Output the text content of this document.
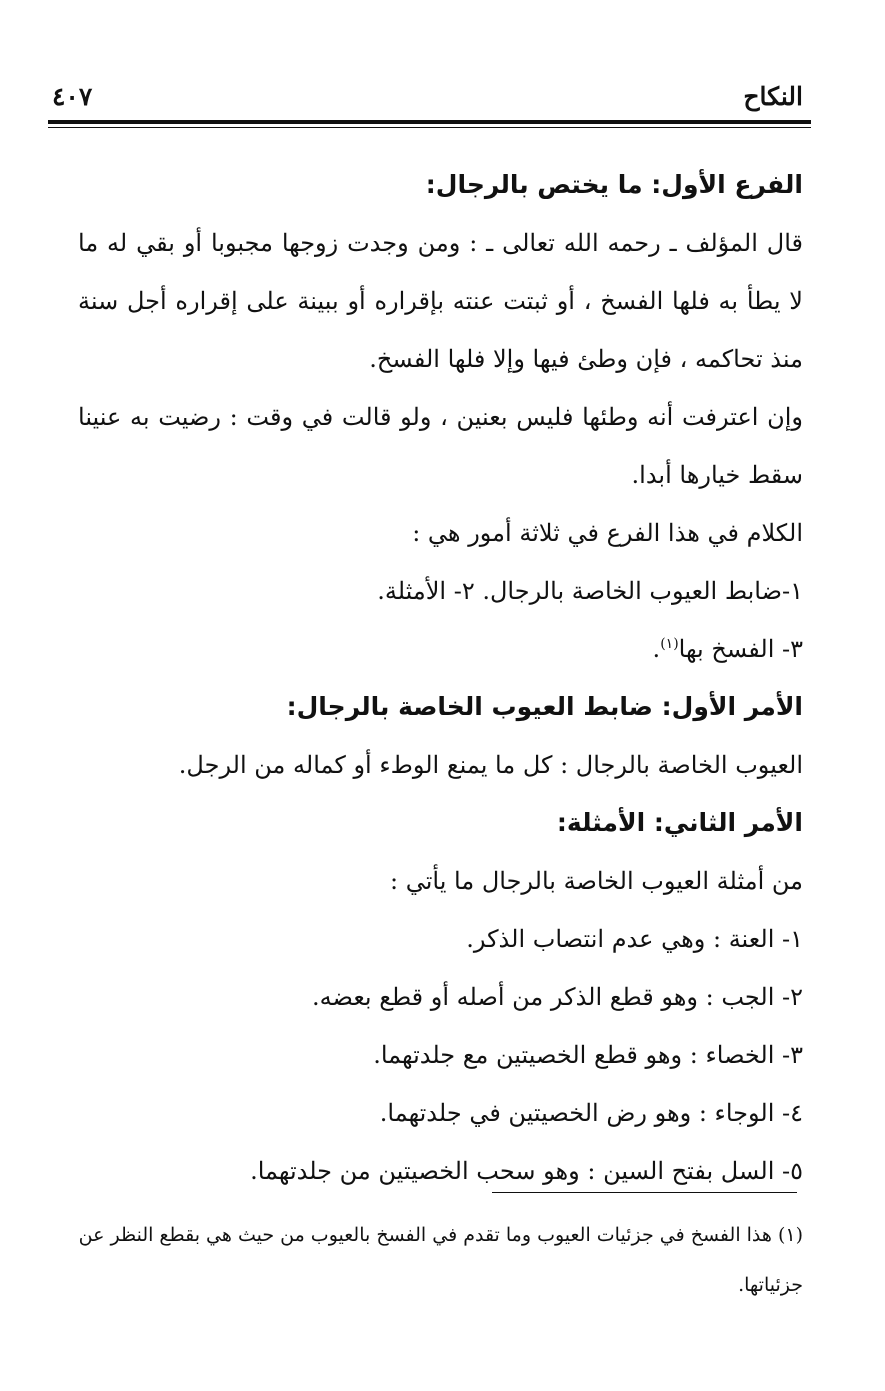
النكاح

٤٠٧

الفرع الأول: ما يختص بالرجال:

قال المؤلف ـ رحمه الله تعالى ـ : ومن وجدت زوجها مجبوبا أو بقي له ما لا يطأ به فلها الفسخ ، أو ثبتت عنته بإقراره أو ببينة على إقراره أجل سنة منذ تحاكمه ، فإن وطئ فيها وإلا فلها الفسخ.

وإن اعترفت أنه وطئها فليس بعنين ، ولو قالت في وقت : رضيت به عنينا سقط خيارها أبدا.

الكلام في هذا الفرع في ثلاثة أمور هي :

١-ضابط العيوب الخاصة بالرجال. ٢- الأمثلة.

٣- الفسخ بها$^{(١)}$.

الأمر الأول: ضابط العيوب الخاصة بالرجال:

العيوب الخاصة بالرجال : كل ما يمنع الوطء أو كماله من الرجل.

الأمر الثاني: الأمثلة:

من أمثلة العيوب الخاصة بالرجال ما يأتي :

١- العنة : وهي عدم انتصاب الذكر.

٢- الجب : وهو قطع الذكر من أصله أو قطع بعضه.

٣- الخصاء : وهو قطع الخصيتين مع جلدتهما.

٤- الوجاء : وهو رض الخصيتين في جلدتهما.

٥- السل بفتح السين : وهو سحب الخصيتين من جلدتهما.

(١) هذا الفسخ في جزئيات العيوب وما تقدم في الفسخ بالعيوب من حيث هي بقطع النظر عن

جزئياتها.
